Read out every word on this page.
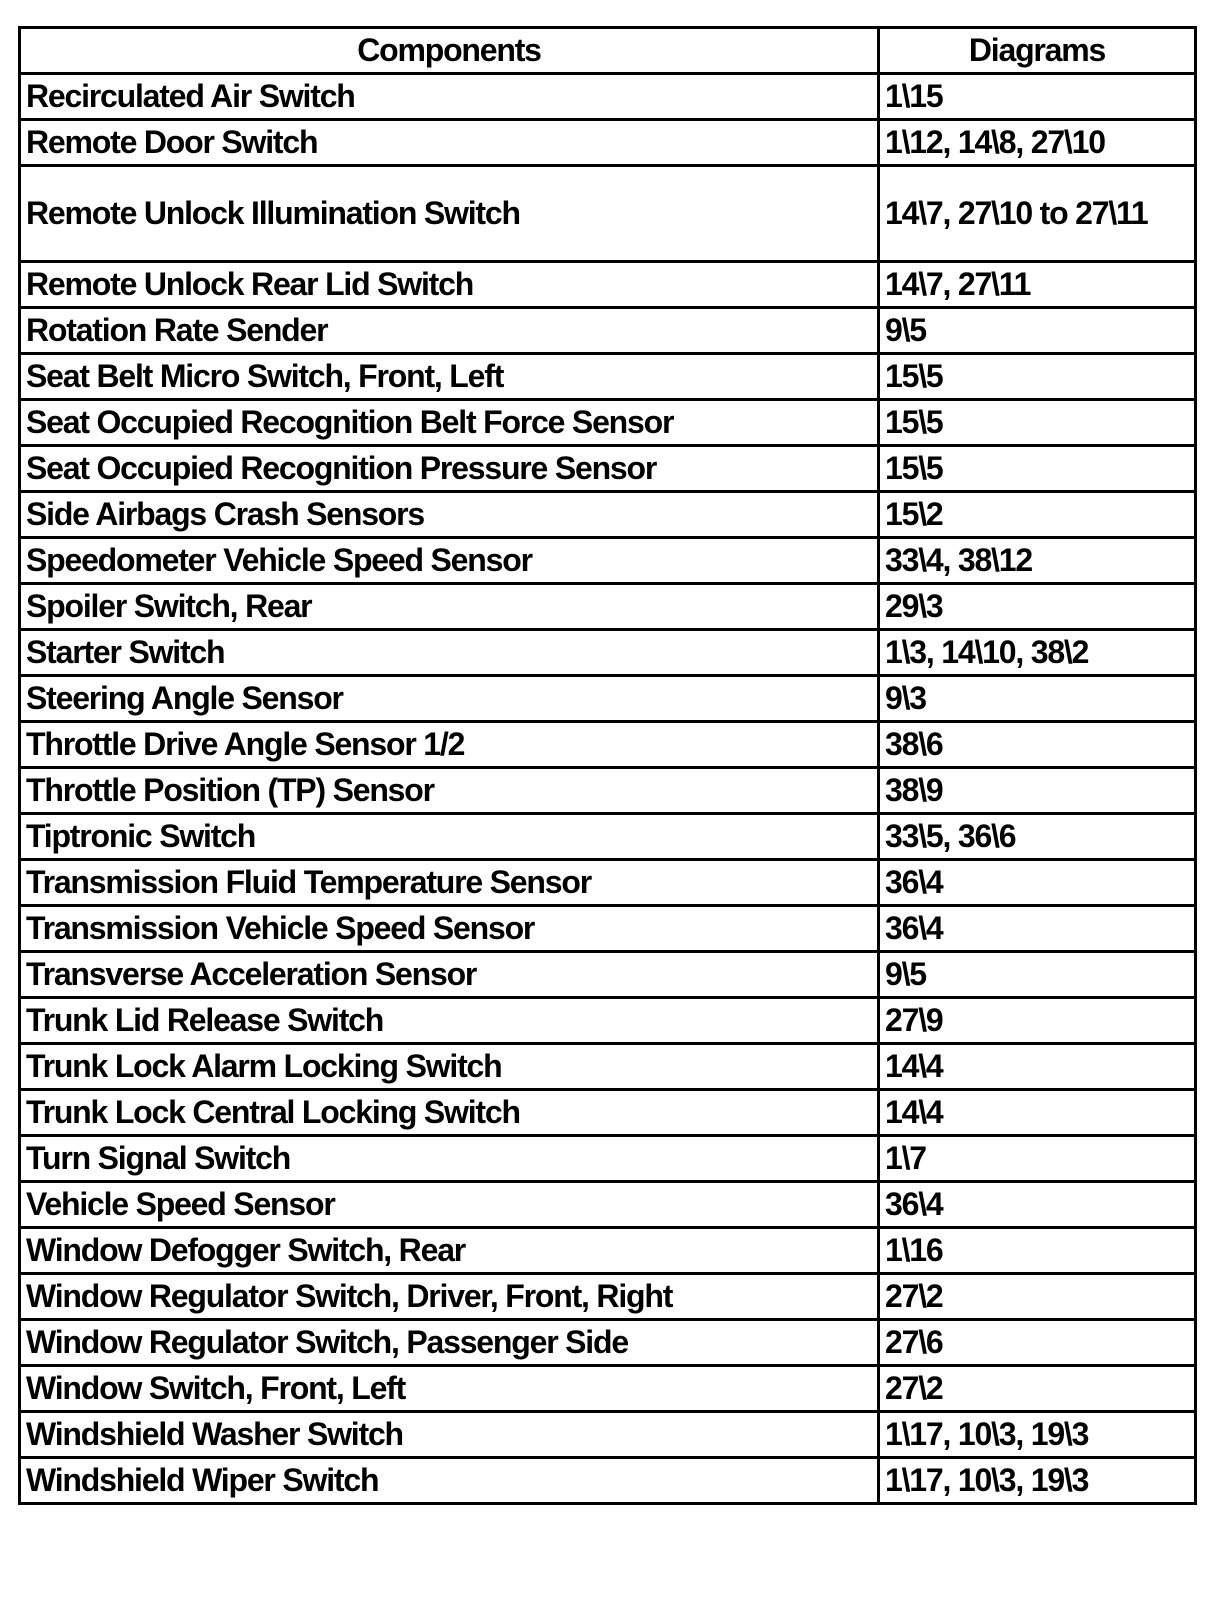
Components	Diagrams
Recirculated Air Switch	1\15
Remote Door Switch	1\12, 14\8, 27\10
Remote Unlock Illumination Switch	14\7, 27\10 to 27\11
Remote Unlock Rear Lid Switch	14\7, 27\11
Rotation Rate Sender	9\5
Seat Belt Micro Switch, Front, Left	15\5
Seat Occupied Recognition Belt Force Sensor	15\5
Seat Occupied Recognition Pressure Sensor	15\5
Side Airbags Crash Sensors	15\2
Speedometer Vehicle Speed Sensor	33\4, 38\12
Spoiler Switch, Rear	29\3
Starter Switch	1\3, 14\10, 38\2
Steering Angle Sensor	9\3
Throttle Drive Angle Sensor 1/2	38\6
Throttle Position (TP) Sensor	38\9
Tiptronic Switch	33\5, 36\6
Transmission Fluid Temperature Sensor	36\4
Transmission Vehicle Speed Sensor	36\4
Transverse Acceleration Sensor	9\5
Trunk Lid Release Switch	27\9
Trunk Lock Alarm Locking Switch	14\4
Trunk Lock Central Locking Switch	14\4
Turn Signal Switch	1\7
Vehicle Speed Sensor	36\4
Window Defogger Switch, Rear	1\16
Window Regulator Switch, Driver, Front, Right	27\2
Window Regulator Switch, Passenger Side	27\6
Window Switch, Front, Left	27\2
Windshield Washer Switch	1\17, 10\3, 19\3
Windshield Wiper Switch	1\17, 10\3, 19\3
